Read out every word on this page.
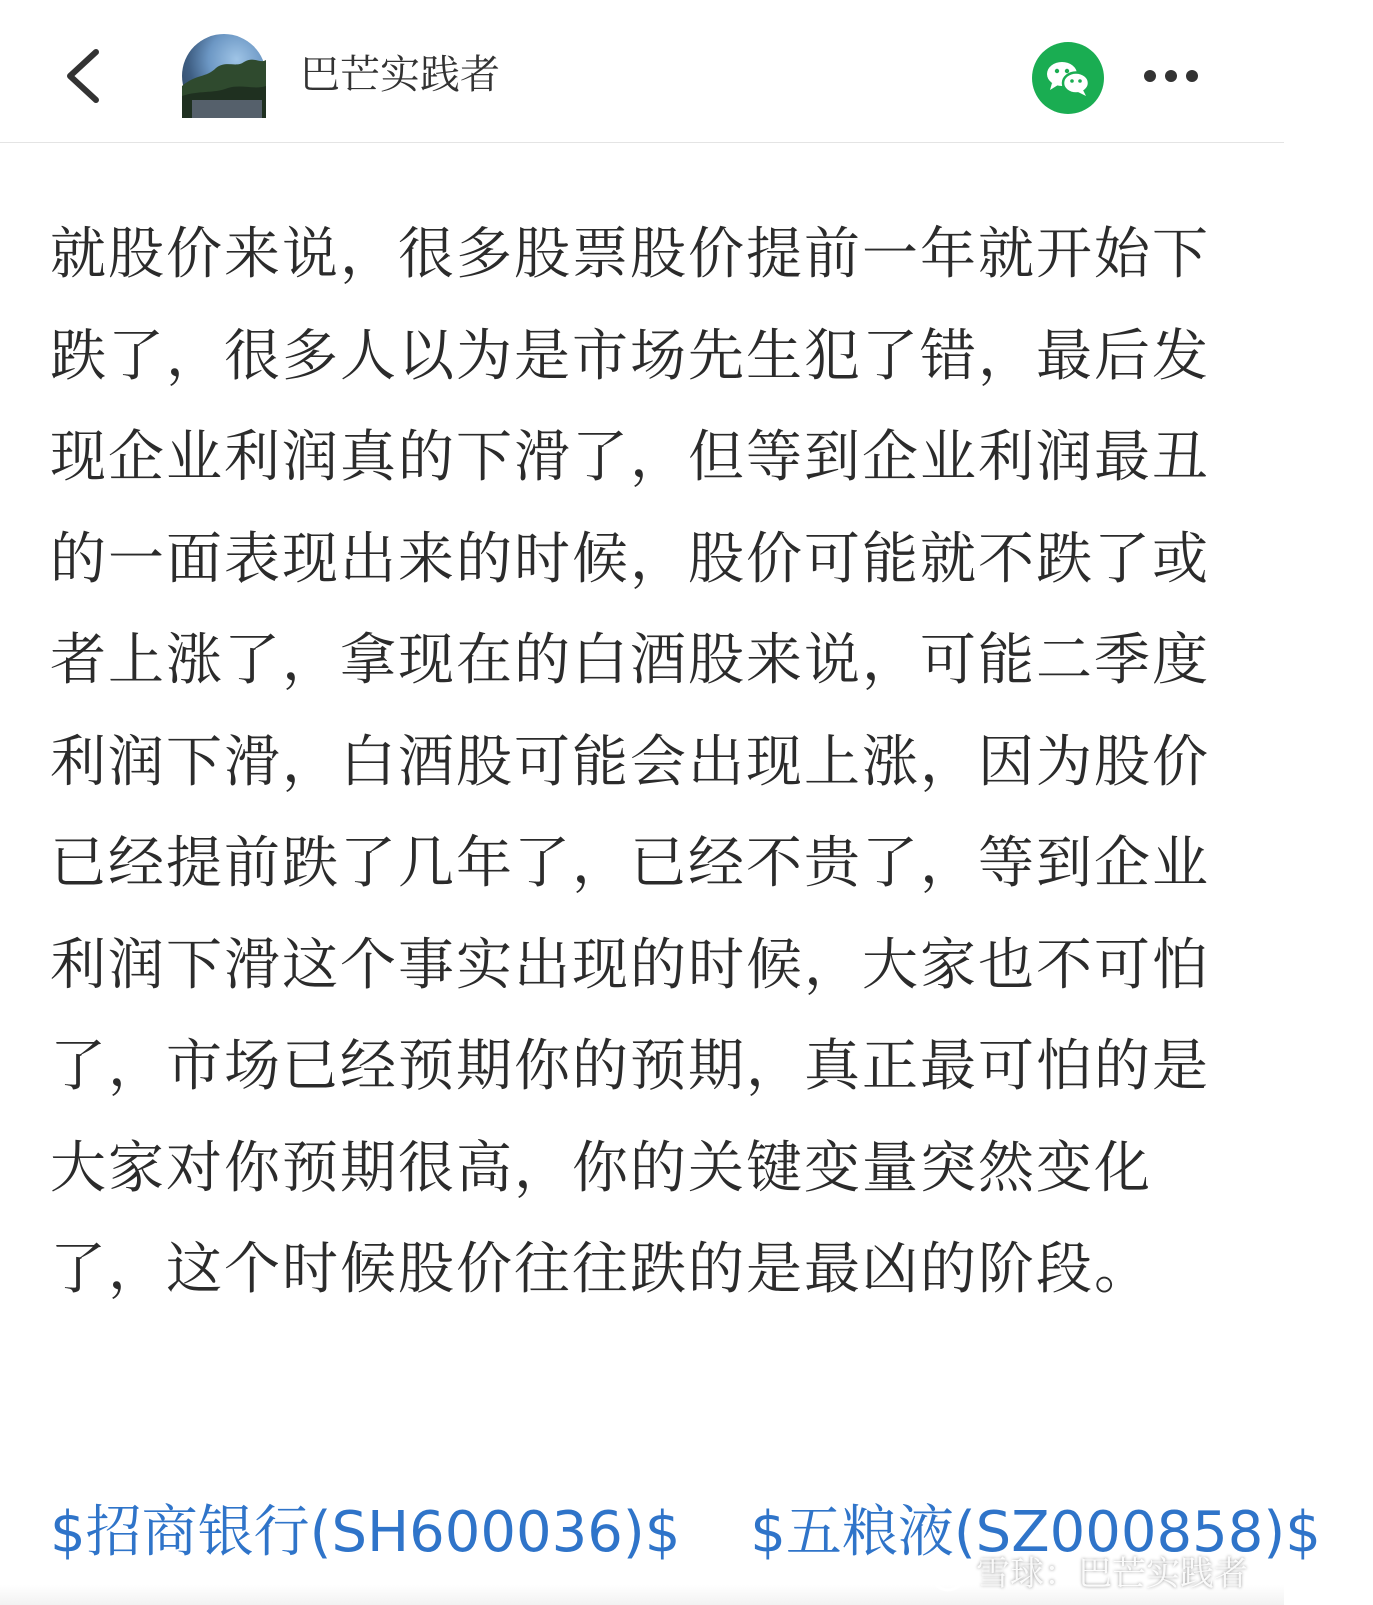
巴芒实践者

就股价来说，很多股票股价提前一年就开始下跌了，很多人以为是市场先生犯了错，最后发现企业利润真的下滑了，但等到企业利润最丑的一面表现出来的时候，股价可能就不跌了或者上涨了，拿现在的白酒股来说，可能二季度利润下滑，白酒股可能会出现上涨，因为股价已经提前跌了几年了，已经不贵了，等到企业利润下滑这个事实出现的时候，大家也不可怕了，市场已经预期你的预期，真正最可怕的是大家对你预期很高，你的关键变量突然变化了，这个时候股价往往跌的是最凶的阶段。

$招商银行(SH600036)$ $五粮液(SZ000858)$
雪球：巴芒实践者
